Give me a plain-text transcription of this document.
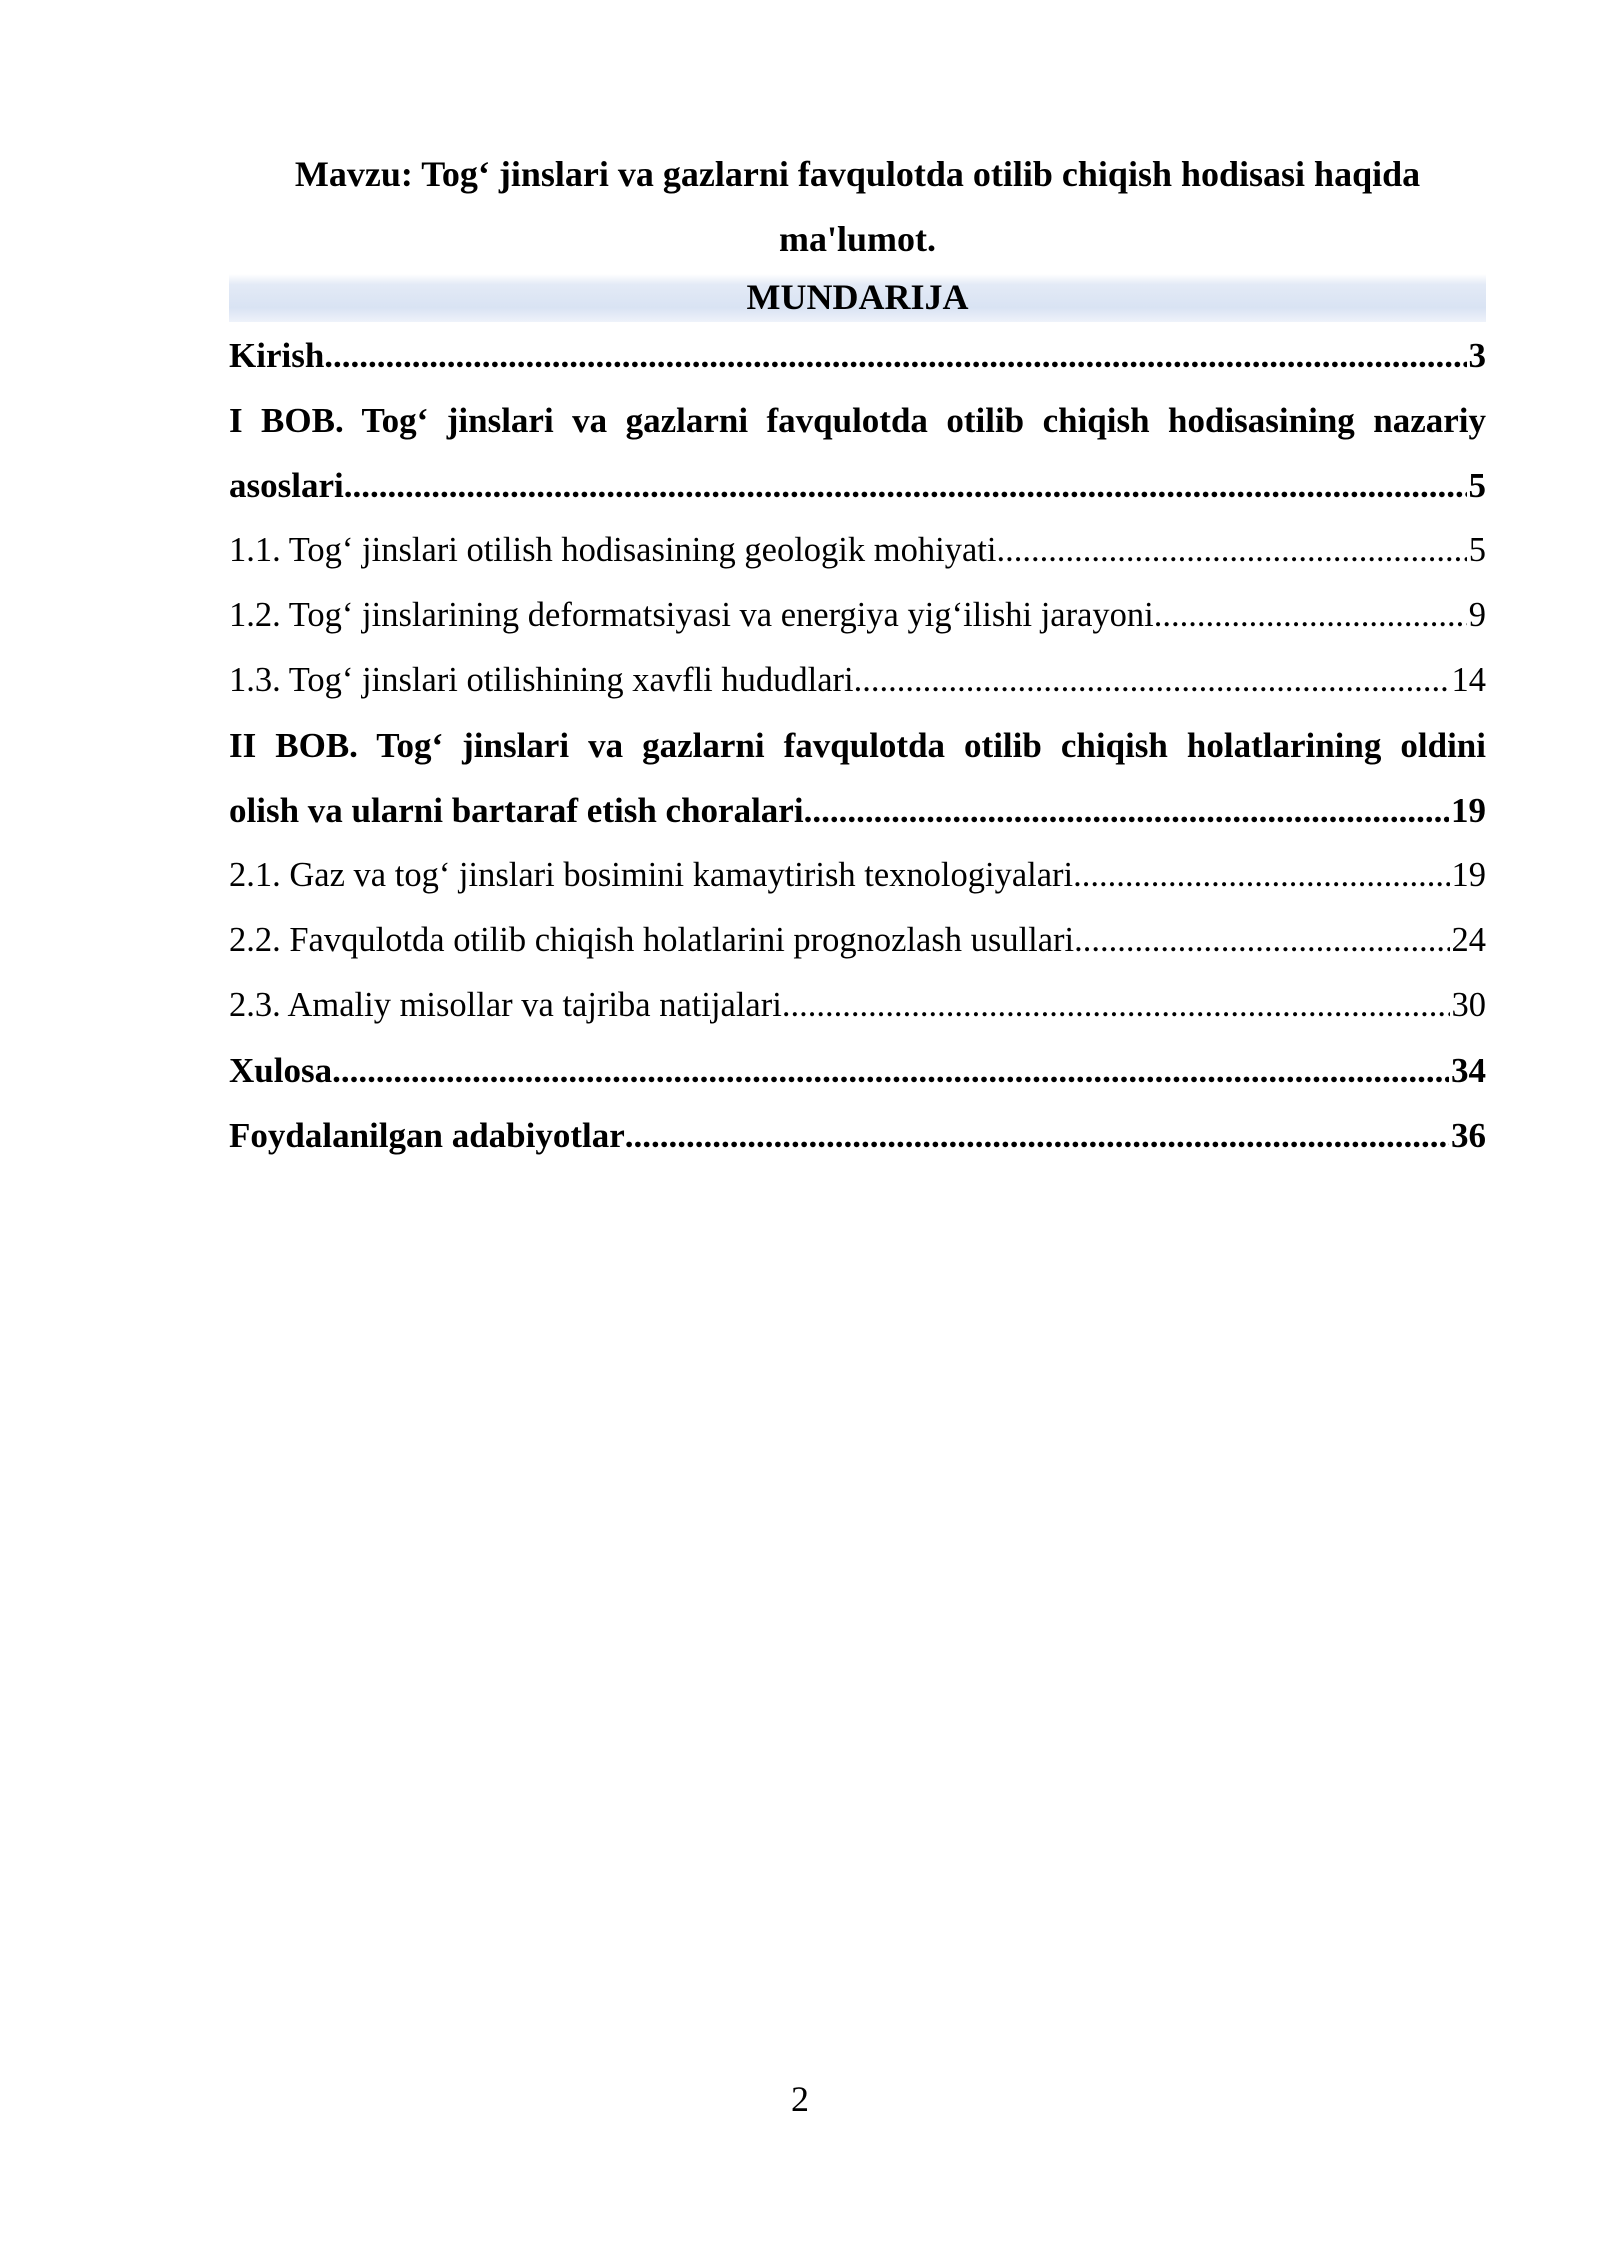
Mavzu: Tog‘ jinslari va gazlarni favqulotda otilib chiqish hodisasi haqida

ma'lumot.

MUNDARIJA
Kirish .....	3
I BOB. Tog‘ jinslari va gazlarni favqulotda otilib chiqish hodisasining nazariy
asoslari .....	5
1.1. Tog‘ jinslari otilish hodisasining geologik mohiyati .....	5
1.2. Tog‘ jinslarining deformatsiyasi va energiya yig‘ilishi jarayoni .....	9
1.3. Tog‘ jinslari otilishining xavfli hududlari .....	14
II BOB. Tog‘ jinslari va gazlarni favqulotda otilib chiqish holatlarining oldini
olish va ularni bartaraf etish choralari .....	19
2.1. Gaz va tog‘ jinslari bosimini kamaytirish texnologiyalari .....	19
2.2. Favqulotda otilib chiqish holatlarini prognozlash usullari .....	24
2.3. Amaliy misollar va tajriba natijalari .....	30
Xulosa .....	34
Foydalanilgan adabiyotlar .....	36
2
